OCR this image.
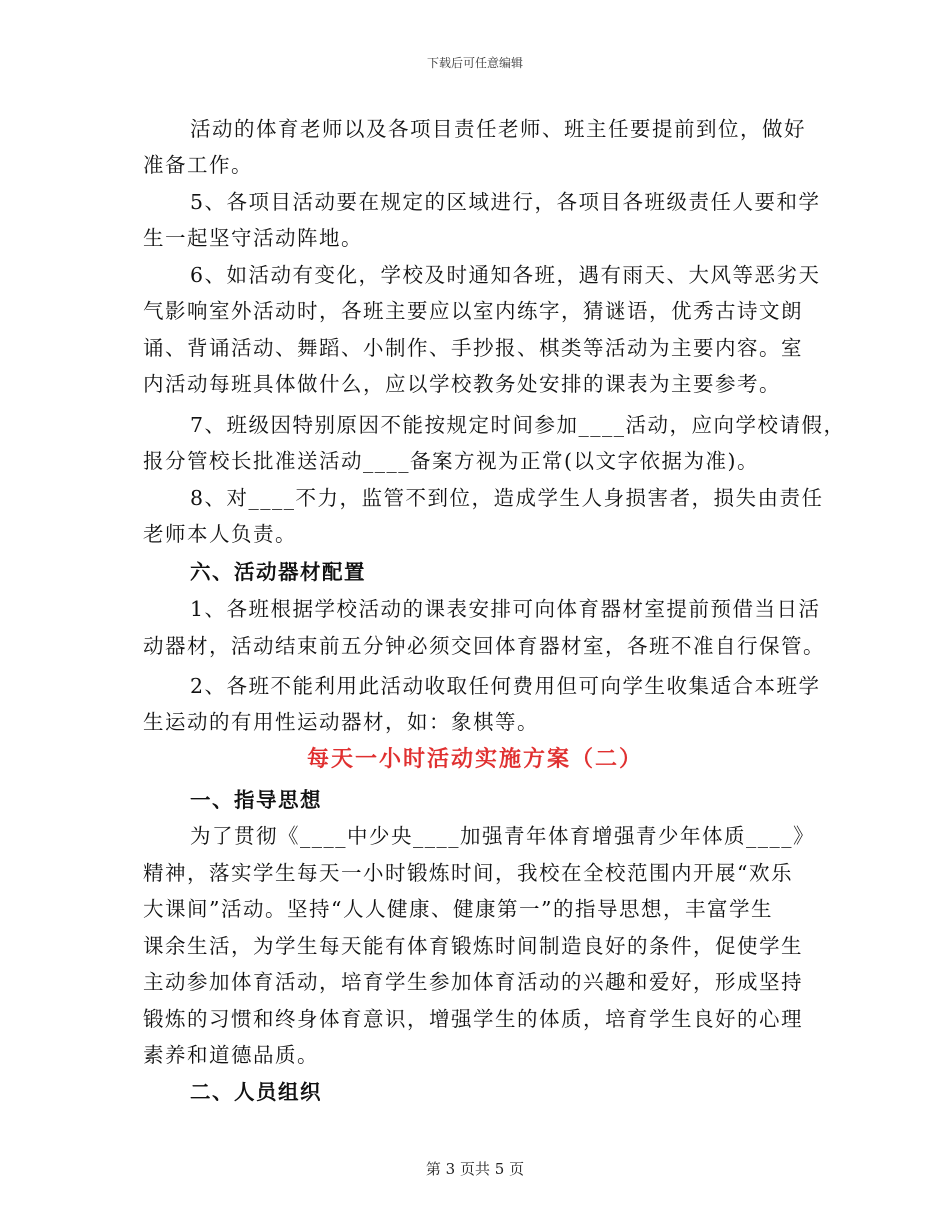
下载后可任意编辑
活动的体育老师以及各项目责任老师、班主任要提前到位，做好
准备工作。
5、各项目活动要在规定的区域进行，各项目各班级责任人要和学
生一起坚守活动阵地。
6、如活动有变化，学校及时通知各班，遇有雨天、大风等恶劣天
气影响室外活动时，各班主要应以室内练字，猜谜语，优秀古诗文朗
诵、背诵活动、舞蹈、小制作、手抄报、棋类等活动为主要内容。室
内活动每班具体做什么，应以学校教务处安排的课表为主要参考。
7、班级因特别原因不能按规定时间参加____活动，应向学校请假，
报分管校长批准送活动____备案方视为正常(以文字依据为准)。
8、对____不力，监管不到位，造成学生人身损害者，损失由责任
老师本人负责。
六、活动器材配置
1、各班根据学校活动的课表安排可向体育器材室提前预借当日活
动器材，活动结束前五分钟必须交回体育器材室，各班不准自行保管。
2、各班不能利用此活动收取任何费用但可向学生收集适合本班学
生运动的有用性运动器材，如：象棋等。
每天一小时活动实施方案（二）
一、指导思想
为了贯彻《____中少央____加强青年体育增强青少年体质____》
精神，落实学生每天一小时锻炼时间，我校在全校范围内开展“欢乐
大课间”活动。坚持“人人健康、健康第一”的指导思想，丰富学生
课余生活，为学生每天能有体育锻炼时间制造良好的条件，促使学生
主动参加体育活动，培育学生参加体育活动的兴趣和爱好，形成坚持
锻炼的习惯和终身体育意识，增强学生的体质，培育学生良好的心理
素养和道德品质。
二、人员组织
第 3 页共 5 页
